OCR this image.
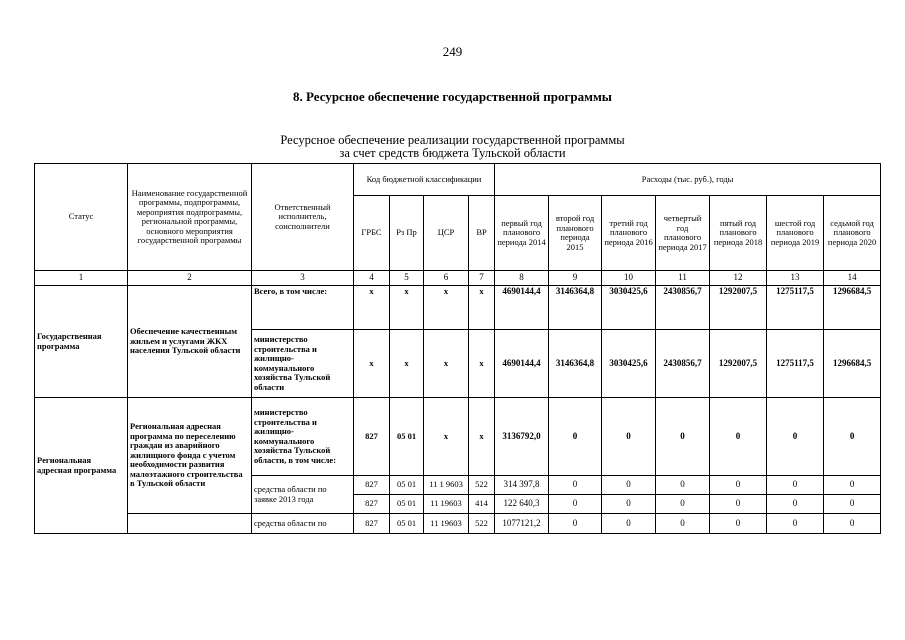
249
8. Ресурсное обеспечение государственной программы
Ресурсное обеспечение реализации государственной программы
за счет средств бюджета Тульской области
Статус	Наименование государственной программы, подпрограммы, мероприятия подпрограммы, региональной программы, основного мероприятия государственной программы	Ответственный исполнитель, соисполнители	Код бюджетной классификации				Расходы (тыс. руб.), годы						
			ГРБС	Рз Пр	ЦСР	ВР	первый год планового периода 2014	второй год планового периода 2015	третий год планового периода 2016	четвертый год планового периода 2017	пятый год планового периода 2018	шестой год планового периода 2019	седьмой год планового периода 2020
1	2	3	4	5	6	7	8	9	10	11	12	13	14
Государственная программа	Обеспечение качественным жильем и услугами ЖКХ населения Тульской области	Всего, в том числе:	х	х	х	х	4690144,4	3146364,8	3030425,6	2430856,7	1292007,5	1275117,5	1296684,5
		министерство строительства и жилищно-коммунального хозяйства Тульской области	х	х	х	х	4690144,4	3146364,8	3030425,6	2430856,7	1292007,5	1275117,5	1296684,5
Региональная адресная программа	Региональная адресная программа по переселению граждан из аварийного жилищного фонда с учетом необходимости развития малоэтажного строительства в Тульской области	министерство строительства и жилищно-коммунального хозяйства Тульской области, в том числе:	827	05 01	х	х	3136792,0	0	0	0	0	0	0
		средства области по заявке 2013 года	827	05 01	11 1 9603	522	314 397,8	0	0	0	0	0	0
			827	05 01	11 19603	414	122 640,3	0	0	0	0	0	0
		средства области по	827	05 01	11 19603	522	1077121,2	0	0	0	0	0	0
